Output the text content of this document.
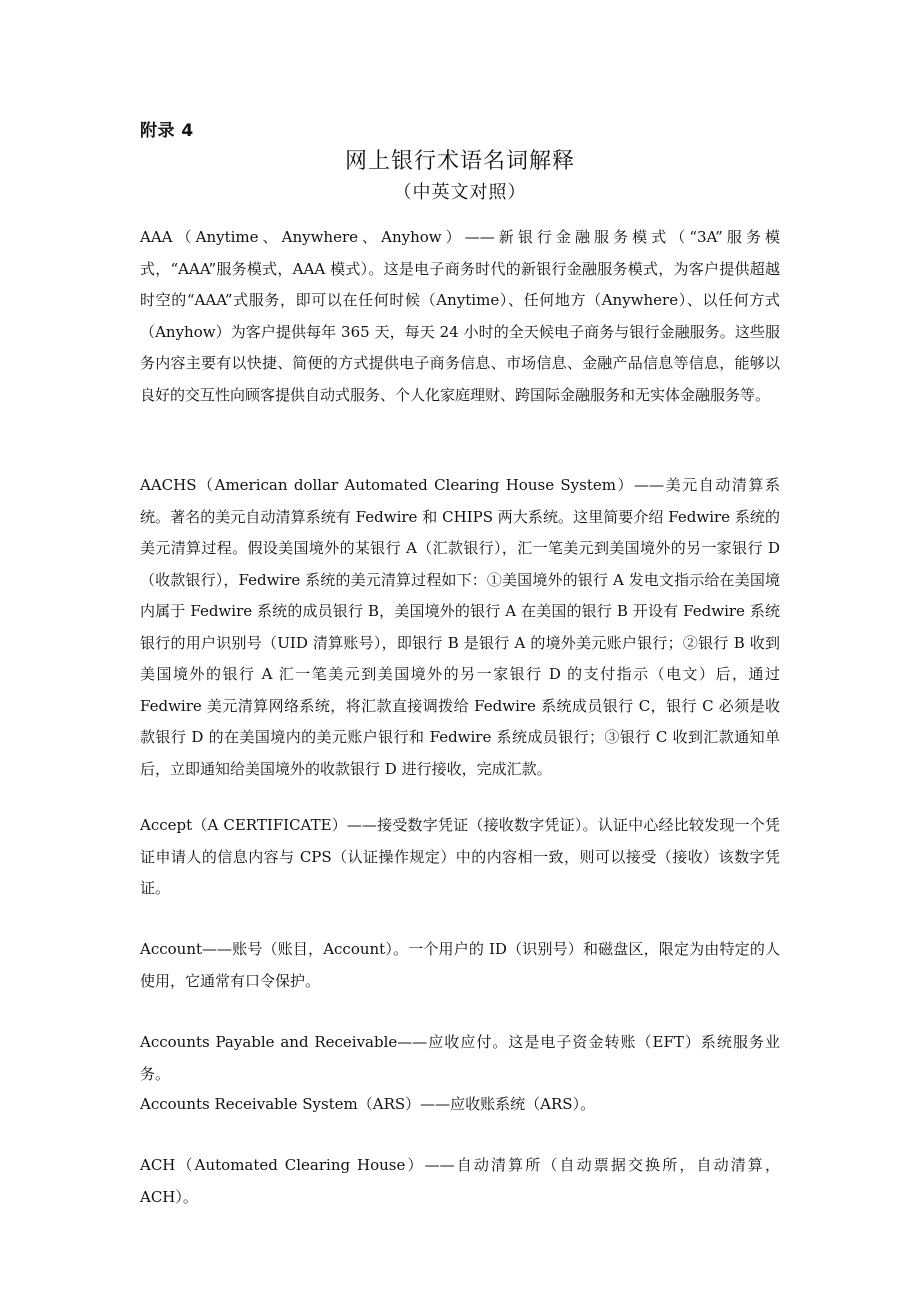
附录 4
网上银行术语名词解释
（中英文对照）

AAA（Anytime、Anywhere、Anyhow）——新银行金融服务模式（“3A”服务模式，“AAA”服务模式，AAA 模式）。这是电子商务时代的新银行金融服务模式，为客户提供超越时空的“AAA”式服务，即可以在任何时候（Anytime）、任何地方（Anywhere）、以任何方式（Anyhow）为客户提供每年 365 天，每天 24 小时的全天候电子商务与银行金融服务。这些服务内容主要有以快捷、简便的方式提供电子商务信息、市场信息、金融产品信息等信息，能够以良好的交互性向顾客提供自动式服务、个人化家庭理财、跨国际金融服务和无实体金融服务等。

AACHS（American dollar Automated Clearing House System）——美元自动清算系统。著名的美元自动清算系统有 Fedwire 和 CHIPS 两大系统。这里简要介绍 Fedwire 系统的美元清算过程。假设美国境外的某银行 A（汇款银行），汇一笔美元到美国境外的另一家银行 D（收款银行），Fedwire 系统的美元清算过程如下：①美国境外的银行 A 发电文指示给在美国境内属于 Fedwire 系统的成员银行 B，美国境外的银行 A 在美国的银行 B 开设有 Fedwire 系统银行的用户识别号（UID 清算账号），即银行 B 是银行 A 的境外美元账户银行；②银行 B 收到美国境外的银行 A 汇一笔美元到美国境外的另一家银行 D 的支付指示（电文）后，通过 Fedwire 美元清算网络系统，将汇款直接调拨给 Fedwire 系统成员银行 C，银行 C 必须是收款银行 D 的在美国境内的美元账户银行和 Fedwire 系统成员银行；③银行 C 收到汇款通知单后，立即通知给美国境外的收款银行 D 进行接收，完成汇款。

Accept（A CERTIFICATE）——接受数字凭证（接收数字凭证）。认证中心经比较发现一个凭证申请人的信息内容与 CPS（认证操作规定）中的内容相一致，则可以接受（接收）该数字凭证。

Account——账号（账目，Account）。一个用户的 ID（识别号）和磁盘区，限定为由特定的人使用，它通常有口令保护。

Accounts Payable and Receivable——应收应付。这是电子资金转账（EFT）系统服务业务。

Accounts Receivable System（ARS）——应收账系统（ARS）。

ACH（Automated Clearing House）——自动清算所（自动票据交换所，自动清算，ACH）。
